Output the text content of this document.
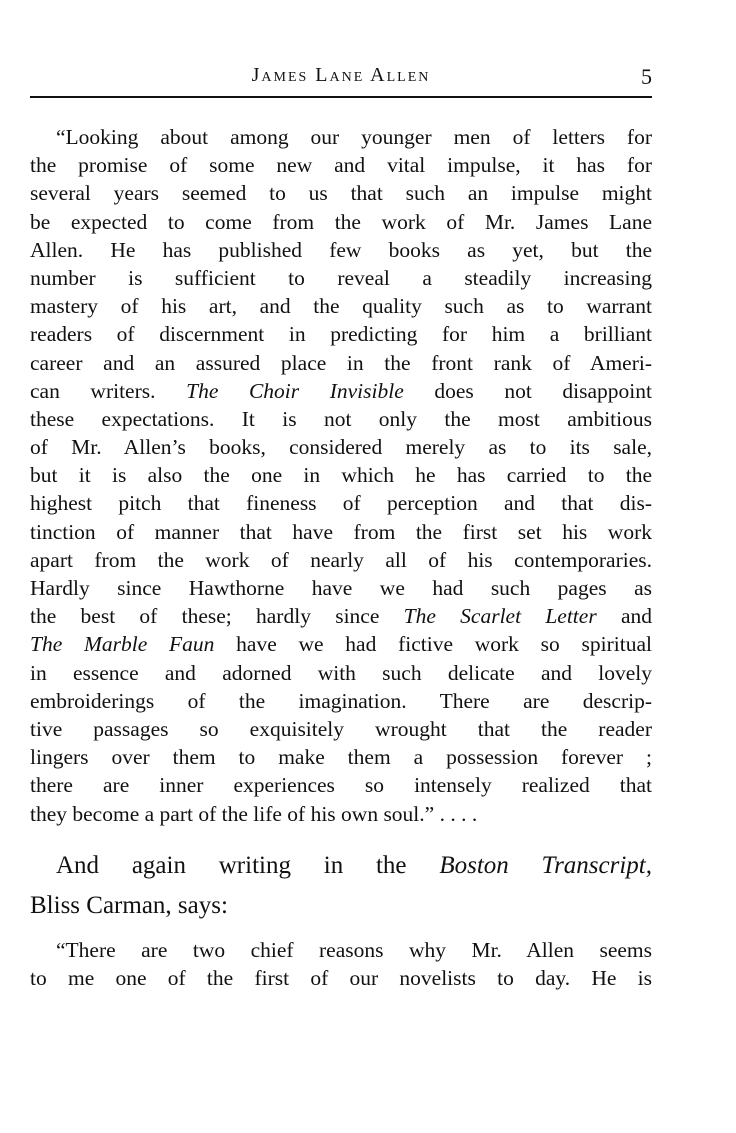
James Lane Allen	5
“Looking about among our younger men of letters for
the promise of some new and vital impulse, it has for
several years seemed to us that such an impulse might
be expected to come from the work of Mr. James Lane
Allen. He has published few books as yet, but the
number is sufficient to reveal a steadily increasing
mastery of his art, and the quality such as to warrant
readers of discernment in predicting for him a brilliant
career and an assured place in the front rank of Ameri-
can writers. The Choir Invisible does not disappoint
these expectations. It is not only the most ambitious
of Mr. Allen’s books, considered merely as to its sale,
but it is also the one in which he has carried to the
highest pitch that fineness of perception and that dis-
tinction of manner that have from the first set his work
apart from the work of nearly all of his contemporaries.
Hardly since Hawthorne have we had such pages as
the best of these; hardly since The Scarlet Letter and
The Marble Faun have we had fictive work so spiritual
in essence and adorned with such delicate and lovely
embroiderings of the imagination. There are descrip-
tive passages so exquisitely wrought that the reader
lingers over them to make them a possession forever ;
there are inner experiences so intensely realized that
they become a part of the life of his own soul.” . . . .
And again writing in the Boston Transcript,
Bliss Carman, says:
“There are two chief reasons why Mr. Allen seems
to me one of the first of our novelists to day. He is
